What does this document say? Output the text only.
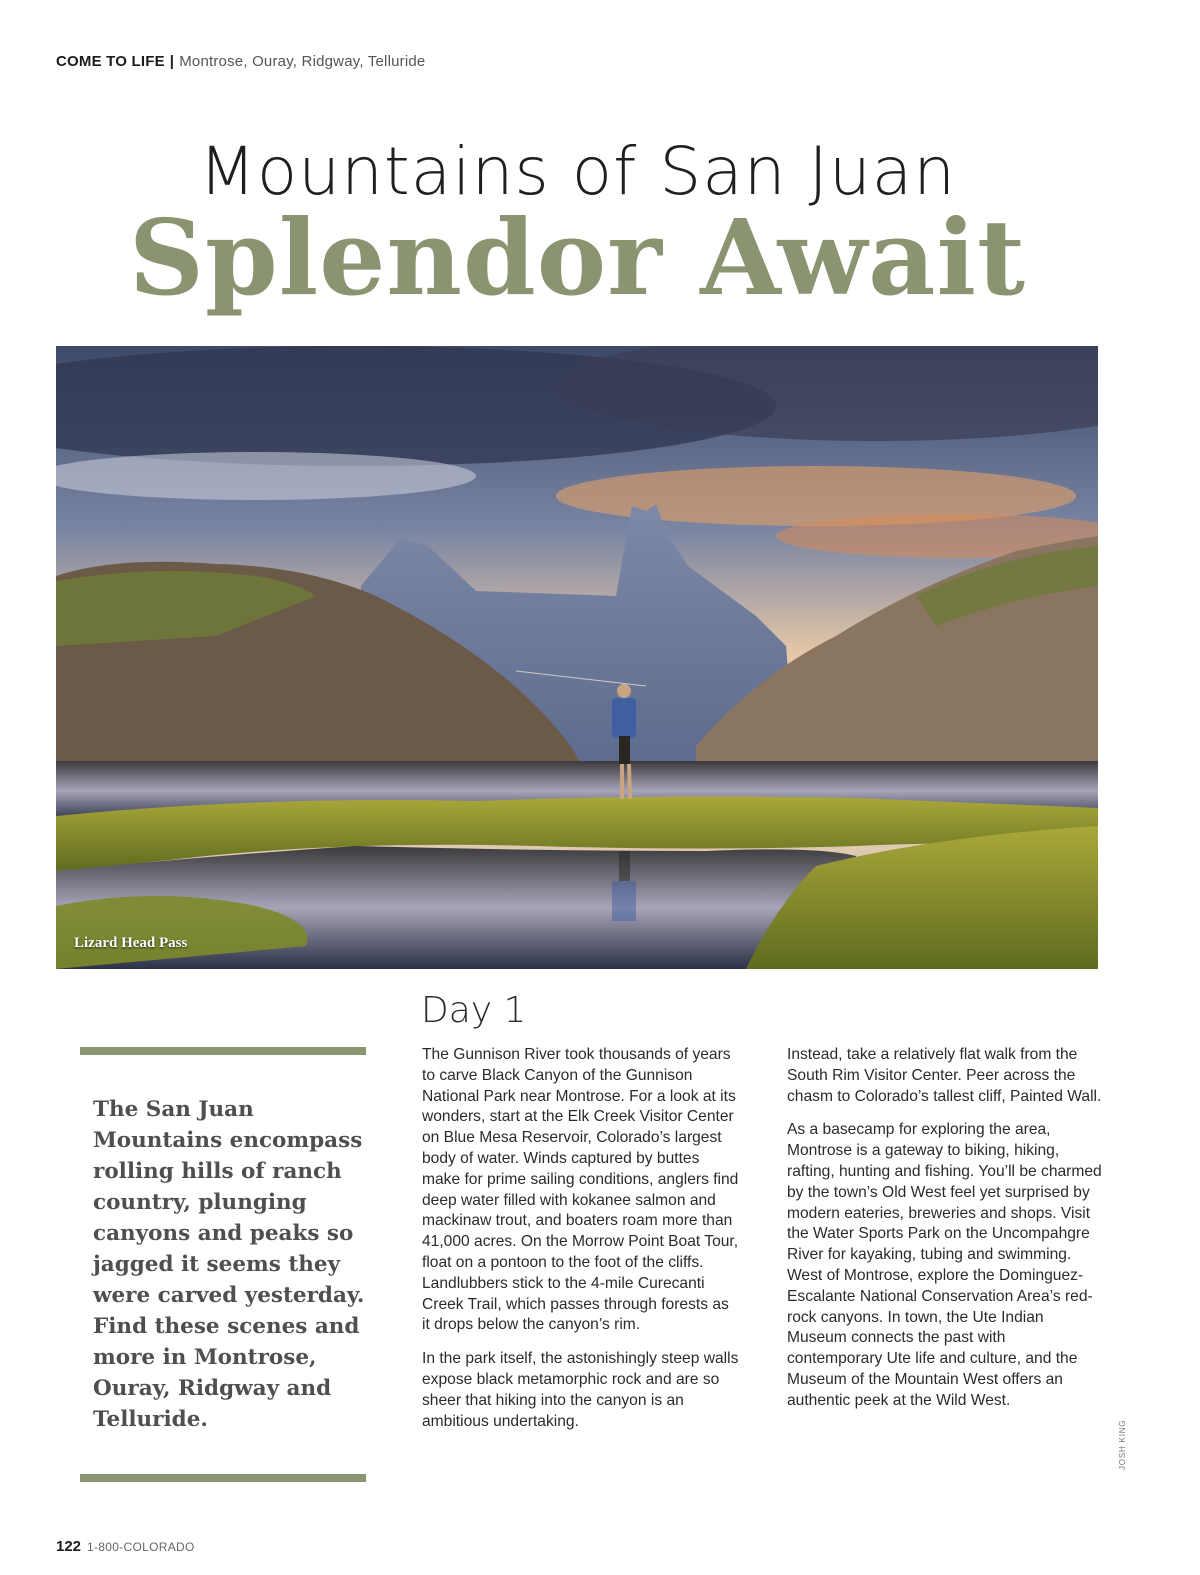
COME TO LIFE | Montrose, Ouray, Ridgway, Telluride
Mountains of San Juan
Splendor Await
Lizard Head Pass

The San Juan Mountains encompass rolling hills of ranch country, plunging canyons and peaks so jagged it seems they were carved yesterday. Find these scenes and more in Montrose, Ouray, Ridgway and Telluride.

Day 1

The Gunnison River took thousands of years to carve Black Canyon of the Gunnison National Park near Montrose. For a look at its wonders, start at the Elk Creek Visitor Center on Blue Mesa Reservoir, Colorado’s largest body of water. Winds captured by buttes make for prime sailing conditions, anglers find deep water filled with kokanee salmon and mackinaw trout, and boaters roam more than 41,000 acres. On the Morrow Point Boat Tour, float on a pontoon to the foot of the cliffs. Landlubbers stick to the 4-mile Curecanti Creek Trail, which passes through forests as it drops below the canyon’s rim.

In the park itself, the astonishingly steep walls expose black metamorphic rock and are so sheer that hiking into the canyon is an ambitious undertaking.

Instead, take a relatively flat walk from the South Rim Visitor Center. Peer across the chasm to Colorado’s tallest cliff, Painted Wall.

As a basecamp for exploring the area, Montrose is a gateway to biking, hiking, rafting, hunting and fishing. You’ll be charmed by the town’s Old West feel yet surprised by modern eateries, breweries and shops. Visit the Water Sports Park on the Uncompahgre River for kayaking, tubing and swimming. West of Montrose, explore the Dominguez-Escalante National Conservation Area’s red-rock canyons. In town, the Ute Indian Museum connects the past with contemporary Ute life and culture, and the Museum of the Mountain West offers an authentic peek at the Wild West.

JOSH KING
122 1-800-COLORADO
